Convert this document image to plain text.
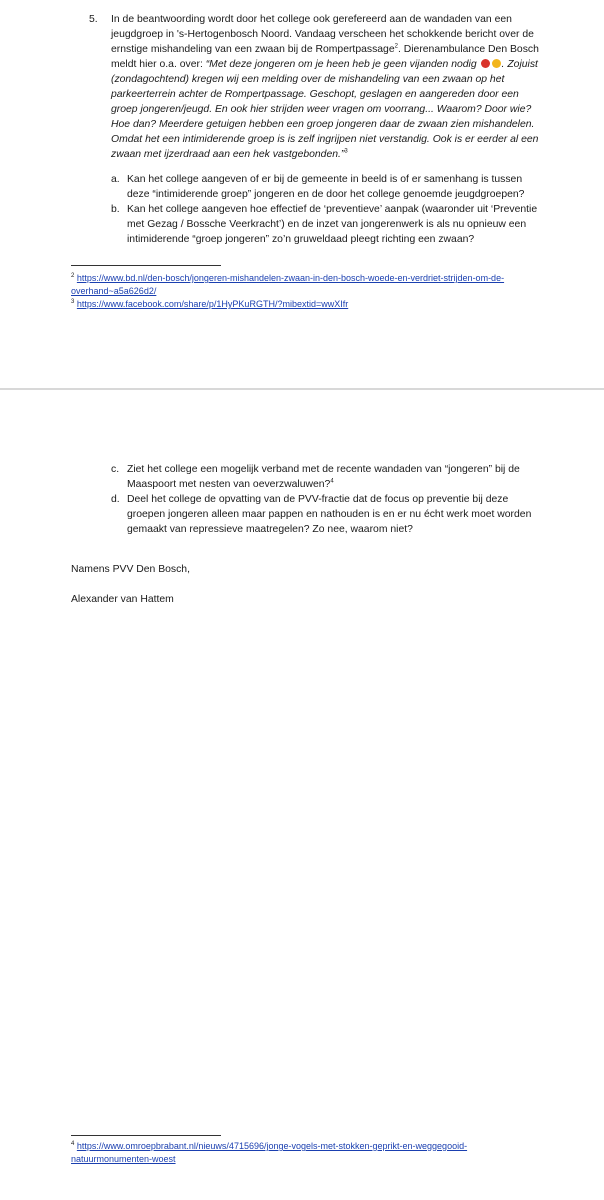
5. In de beantwoording wordt door het college ook gerefereerd aan de wandaden van een jeugdgroep in 's-Hertogenbosch Noord. Vandaag verscheen het schokkende bericht over de ernstige mishandeling van een zwaan bij de Rompertpassage$^2$. Dierenambulance Den Bosch meldt hier o.a. over: “Met deze jongeren om je heen heb je geen vijanden nodig . Zojuist (zondagochtend) kregen wij een melding over de mishandeling van een zwaan op het parkeerterrein achter de Rompertpassage. Geschopt, geslagen en aangereden door een groep jongeren/jeugd. En ook hier strijden weer vragen om voorrang... Waarom? Door wie? Hoe dan? Meerdere getuigen hebben een groep jongeren daar de zwaan zien mishandelen. Omdat het een intimiderende groep is is zelf ingrijpen niet verstandig. Ook is er eerder al een zwaan met ijzerdraad aan een hek vastgebonden.”$^3$
a. Kan het college aangeven of er bij de gemeente in beeld is of er samenhang is tussen deze “intimiderende groep” jongeren en de door het college genoemde jeugdgroepen?
b. Kan het college aangeven hoe effectief de ‘preventieve’ aanpak (waaronder uit ‘Preventie met Gezag / Bossche Veerkracht’) en de inzet van jongerenwerk is als nu opnieuw een intimiderende “groep jongeren” zo’n gruweldaad pleegt richting een zwaan?
$^2$ https://www.bd.nl/den-bosch/jongeren-mishandelen-zwaan-in-den-bosch-woede-en-verdriet-strijden-om-de-overhand~a5a626d2/
$^3$ https://www.facebook.com/share/p/1HyPKuRGTH/?mibextid=wwXIfr
c. Ziet het college een mogelijk verband met de recente wandaden van “jongeren” bij de Maaspoort met nesten van oeverzwaluwen?$^4$
d. Deel het college de opvatting van de PVV-fractie dat de focus op preventie bij deze groepen jongeren alleen maar pappen en nathouden is en er nu écht werk moet worden gemaakt van repressieve maatregelen? Zo nee, waarom niet?
Namens PVV Den Bosch,
Alexander van Hattem
$^4$ https://www.omroepbrabant.nl/nieuws/4715696/jonge-vogels-met-stokken-geprikt-en-weggegooid-natuurmonumenten-woest
